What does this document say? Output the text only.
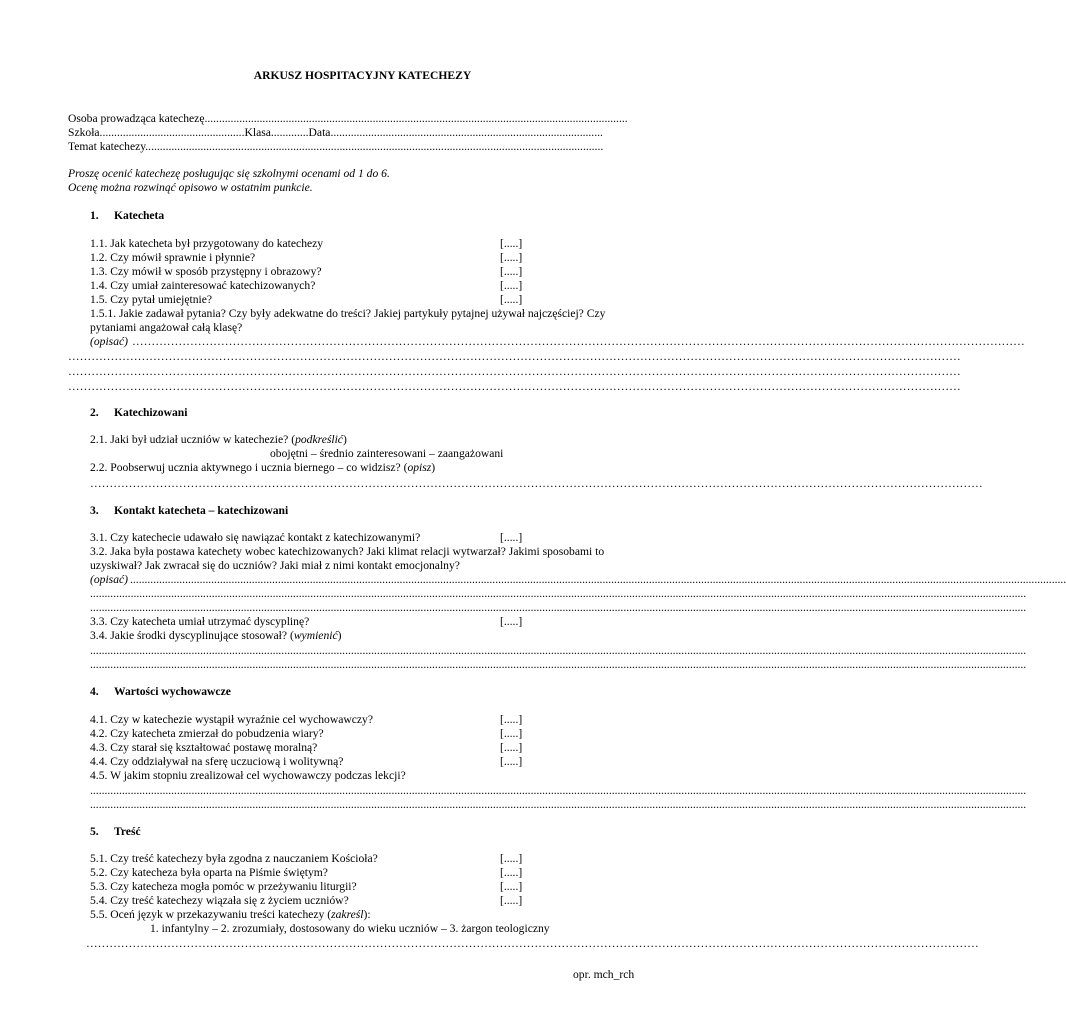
ARKUSZ HOSPITACYJNY KATECHEZY
Osoba prowadząca katechezę..................................................................................................................................................
Szkoła..................................................Klasa.............Data..............................................................................................
Temat katechezy..............................................................................................................................................................
Proszę ocenić katechezę posługując się szkolnymi ocenami od 1 do 6.
Ocenę można rozwinąć opisowo w ostatnim punkcie.
1. Katecheta
1.1. Jak katecheta był przygotowany do katechezy	[.....]
1.2. Czy mówił sprawnie i płynnie?	[.....]
1.3. Czy mówił w sposób przystępny i obrazowy?	[.....]
1.4. Czy umiał zainteresować katechizowanych?	[.....]
1.5. Czy pytał umiejętnie?	[.....]
1.5.1. Jakie zadawał pytania? Czy były adekwatne do treści? Jakiej partykuły pytajnej używał najczęściej? Czy
pytaniami angażował całą klasę?
(opisać) ……………………………………………………………………………………………………………………………………………………………………………………………………………
……………………………………………………………………………………………………………………………………………………………………………………………………………
……………………………………………………………………………………………………………………………………………………………………………………………………………
……………………………………………………………………………………………………………………………………………………………………………………………………………
2. Katechizowani
2.1. Jaki był udział uczniów w katechezie? (podkreślić)
obojętni – średnio zainteresowani – zaangażowani
2.2. Poobserwuj ucznia aktywnego i ucznia biernego – co widzisz? (opisz)
……………………………………………………………………………………………………………………………………………………………………………………………………………
3. Kontakt katecheta – katechizowani
3.1. Czy katechecie udawało się nawiązać kontakt z katechizowanymi?	[.....]
3.2. Jaka była postawa katechety wobec katechizowanych? Jaki klimat relacji wytwarzał? Jakimi sposobami to
uzyskiwał? Jak zwracał się do uczniów? Jaki miał z nimi kontakt emocjonalny?
(opisać) ...................................................................................................................................................................................................................................................................................................................................
...................................................................................................................................................................................................................................................................................................................................
...................................................................................................................................................................................................................................................................................................................................
3.3. Czy katecheta umiał utrzymać dyscyplinę?	[.....]
3.4. Jakie środki dyscyplinujące stosował? (wymienić)
...................................................................................................................................................................................................................................................................................................................................
...................................................................................................................................................................................................................................................................................................................................
4. Wartości wychowawcze
4.1. Czy w katechezie wystąpił wyraźnie cel wychowawczy?	[.....]
4.2. Czy katecheta zmierzał do pobudzenia wiary?	[.....]
4.3. Czy starał się kształtować postawę moralną?	[.....]
4.4. Czy oddziaływał na sferę uczuciową i wolitywną?	[.....]
4.5. W jakim stopniu zrealizował cel wychowawczy podczas lekcji?
...................................................................................................................................................................................................................................................................................................................................
...................................................................................................................................................................................................................................................................................................................................
5. Treść
5.1. Czy treść katechezy była zgodna z nauczaniem Kościoła?	[.....]
5.2. Czy katecheza była oparta na Piśmie świętym?	[.....]
5.3. Czy katecheza mogła pomóc w przeżywaniu liturgii?	[.....]
5.4. Czy treść katechezy wiązała się z życiem uczniów?	[.....]
5.5. Oceń język w przekazywaniu treści katechezy (zakreśl):
1. infantylny – 2. zrozumiały, dostosowany do wieku uczniów – 3. żargon teologiczny
……………………………………………………………………………………………………………………………………………………………………………………………………………
opr. mch_rch
